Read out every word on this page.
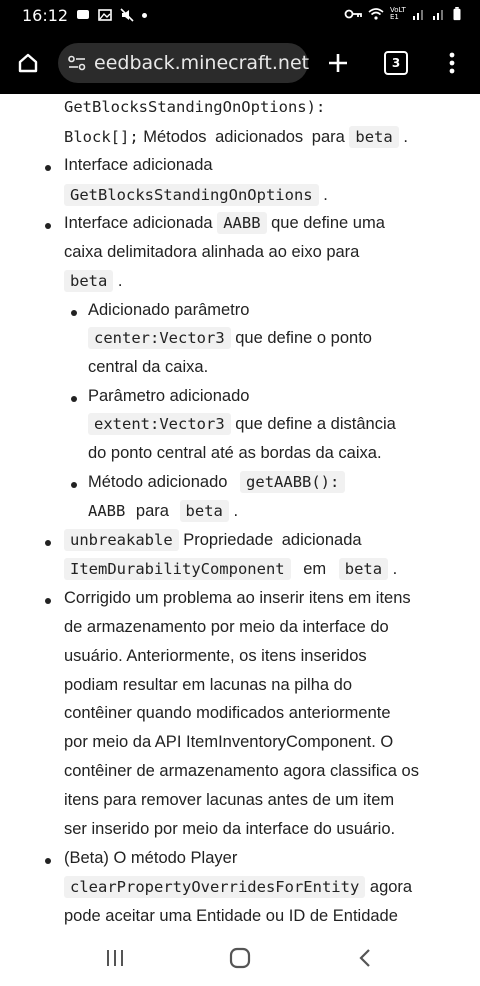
16:12	VoLTE1
eedback.minecraft.net	3
GetBlocksStandingOnOptions):
Block[]; Métodos adicionados para beta .
Interface adicionada
GetBlocksStandingOnOptions .
Interface adicionada AABB que define uma
caixa delimitadora alinhada ao eixo para
beta .
Adicionado parâmetro
center:Vector3 que define o ponto
central da caixa.
Parâmetro adicionado
extent:Vector3 que define a distância
do ponto central até as bordas da caixa.
Método adicionado getAABB():
AABB para beta .
unbreakable Propriedade adicionada
ItemDurabilityComponent em beta .
Corrigido um problema ao inserir itens em itens
de armazenamento por meio da interface do
usuário. Anteriormente, os itens inseridos
podiam resultar em lacunas na pilha do
contêiner quando modificados anteriormente
por meio da API ItemInventoryComponent. O
contêiner de armazenamento agora classifica os
itens para remover lacunas antes de um item
ser inserido por meio da interface do usuário.
(Beta) O método Player
clearPropertyOverridesForEntity agora
pode aceitar uma Entidade ou ID de Entidade
